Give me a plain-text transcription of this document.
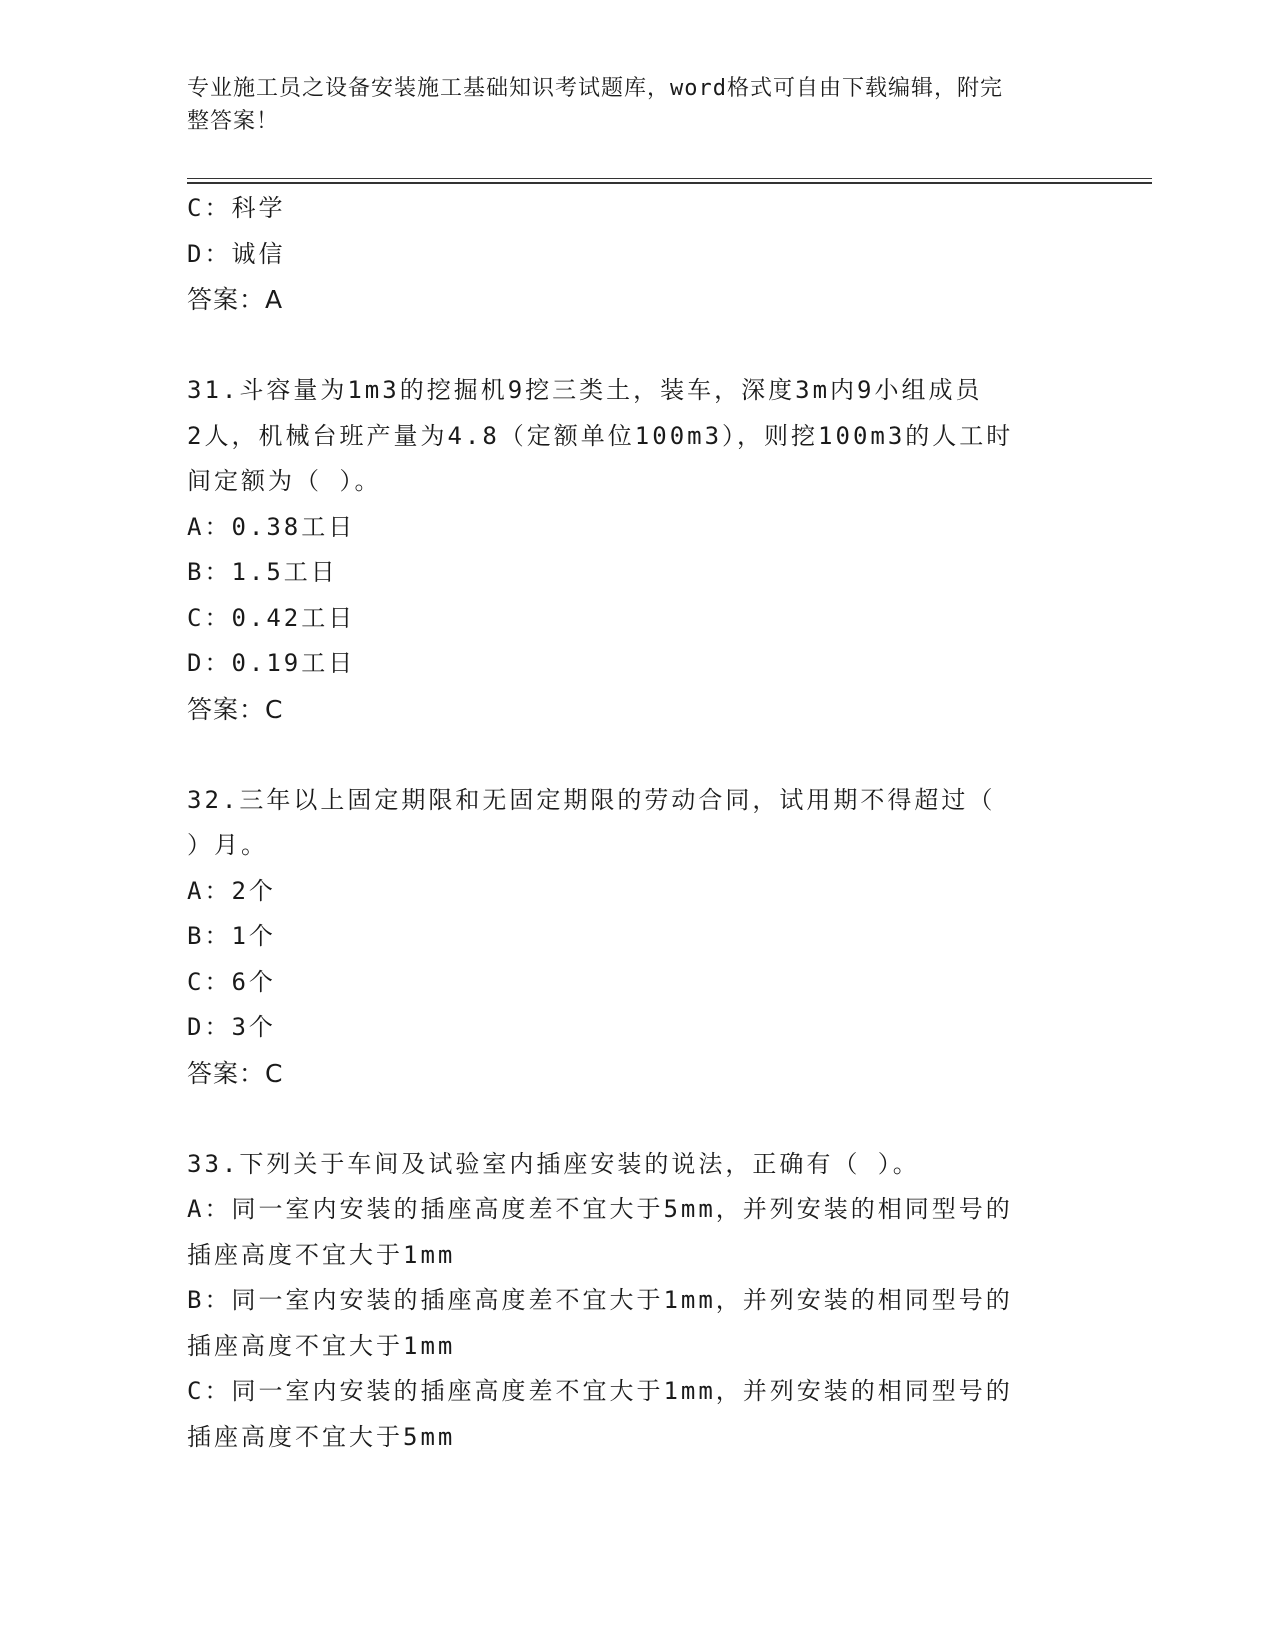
专业施工员之设备安装施工基础知识考试题库，word格式可自由下载编辑，附完
整答案！
C：科学
D：诚信
答案：A
31.斗容量为1m3的挖掘机9挖三类土，装车，深度3m内9小组成员
2人，机械台班产量为4.8（定额单位100m3），则挖100m3的人工时
间定额为（ ）。
A：0.38工日
B：1.5工日
C：0.42工日
D：0.19工日
答案：C
32.三年以上固定期限和无固定期限的劳动合同，试用期不得超过（
）月。
A：2个
B：1个
C：6个
D：3个
答案：C
33.下列关于车间及试验室内插座安装的说法，正确有（ ）。
A：同一室内安装的插座高度差不宜大于5mm，并列安装的相同型号的
插座高度不宜大于1mm
B：同一室内安装的插座高度差不宜大于1mm，并列安装的相同型号的
插座高度不宜大于1mm
C：同一室内安装的插座高度差不宜大于1mm，并列安装的相同型号的
插座高度不宜大于5mm
